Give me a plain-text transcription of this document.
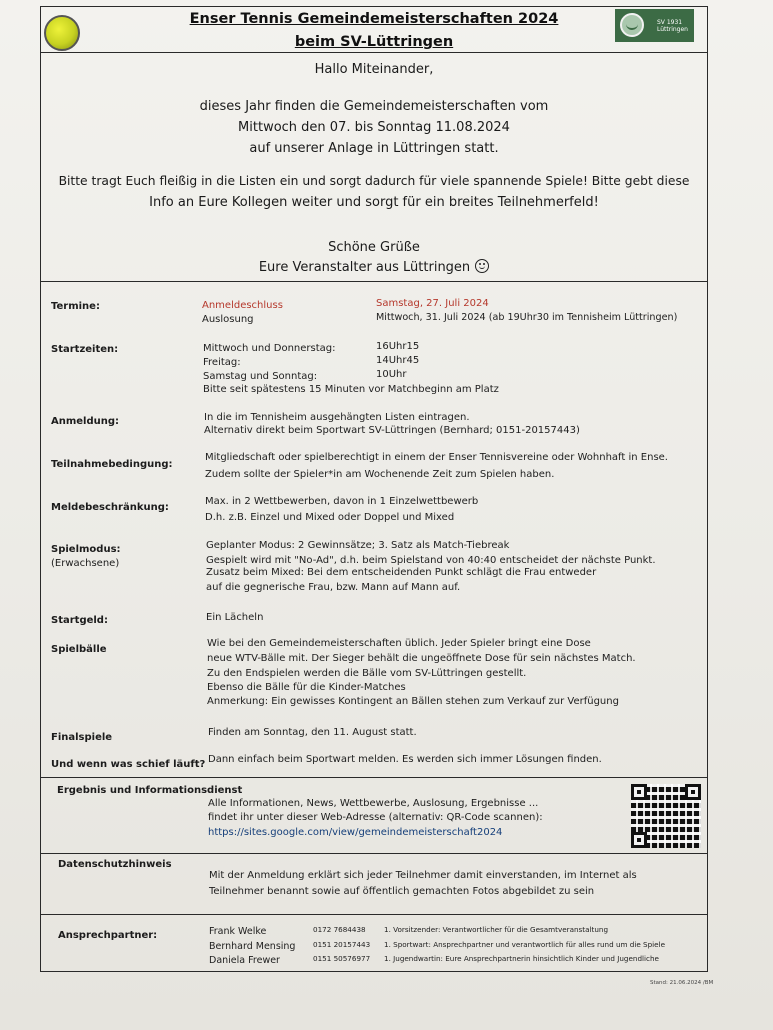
Enser Tennis Gemeindemeisterschaften 2024
beim SV-Lüttringen
SV 1931
Lüttringen
Hallo Miteinander,
dieses Jahr finden die Gemeindemeisterschaften vom
Mittwoch den 07. bis Sonntag 11.08.2024
auf unserer Anlage in Lüttringen statt.
Bitte tragt Euch fleißig in die Listen ein und sorgt dadurch für viele spannende Spiele! Bitte gebt diese
Info an Eure Kollegen weiter und sorgt für ein breites Teilnehmerfeld!
Schöne Grüße
Eure Veranstalter aus Lüttringen
Termine:	Anmeldeschluss	Samstag, 27. Juli 2024
Auslosung	Mittwoch, 31. Juli 2024 (ab 19Uhr30 im Tennisheim Lüttringen)
Startzeiten:	Mittwoch und Donnerstag:	16Uhr15
Freitag:	14Uhr45
Samstag und Sonntag:	10Uhr
Bitte seit spätestens 15 Minuten vor Matchbeginn am Platz
Anmeldung:	In die im Tennisheim ausgehängten Listen eintragen.
Alternativ direkt beim Sportwart SV-Lüttringen (Bernhard; 0151-20157443)
Teilnahmebedingung:
Mitgliedschaft oder spielberechtigt in einem der Enser Tennisvereine oder Wohnhaft in Ense.
Zudem sollte der Spieler*in am Wochenende Zeit zum Spielen haben.
Meldebeschränkung:
Max. in 2 Wettbewerben, davon in 1 Einzelwettbewerb
D.h. z.B. Einzel und Mixed oder Doppel und Mixed
Spielmodus:
(Erwachsene)
Geplanter Modus: 2 Gewinnsätze; 3. Satz als Match-Tiebreak
Gespielt wird mit "No-Ad", d.h. beim Spielstand von 40:40 entscheidet der nächste Punkt.
Zusatz beim Mixed: Bei dem entscheidenden Punkt schlägt die Frau entweder
auf die gegnerische Frau, bzw. Mann auf Mann auf.
Startgeld:	Ein Lächeln
Spielbälle
Wie bei den Gemeindemeisterschaften üblich. Jeder Spieler bringt eine Dose
neue WTV-Bälle mit. Der Sieger behält die ungeöffnete Dose für sein nächstes Match.
Zu den Endspielen werden die Bälle vom SV-Lüttringen gestellt.
Ebenso die Bälle für die Kinder-Matches
Anmerkung: Ein gewisses Kontingent an Bällen stehen zum Verkauf zur Verfügung
Finalspiele	Finden am Sonntag, den 11. August statt.
Und wenn was schief läuft? Dann einfach beim Sportwart melden. Es werden sich immer Lösungen finden.
Ergebnis und Informationsdienst
Alle Informationen, News, Wettbewerbe, Auslosung, Ergebnisse ...
findet ihr unter dieser Web-Adresse (alternativ: QR-Code scannen):
https://sites.google.com/view/gemeindemeisterschaft2024
Datenschutzhinweis
Mit der Anmeldung erklärt sich jeder Teilnehmer damit einverstanden, im Internet als
Teilnehmer benannt sowie auf öffentlich gemachten Fotos abgebildet zu sein
Ansprechpartner:	Frank Welke	0172 7684438	1. Vorsitzender: Verantwortlicher für die Gesamtveranstaltung
Bernhard Mensing 0151 20157443 1. Sportwart: Ansprechpartner und verantwortlich für alles rund um die Spiele
Daniela Frewer	0151 50576977 1. Jugendwartin: Eure Ansprechpartnerin hinsichtlich Kinder und Jugendliche
Stand: 21.06.2024 /BM
